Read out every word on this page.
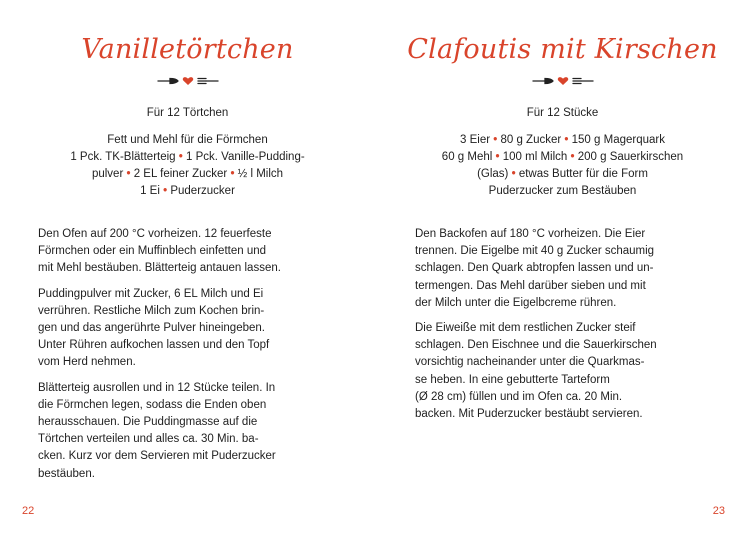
Vanilletörtchen
Für 12 Törtchen
Fett und Mehl für die Förmchen
1 Pck. TK-Blätterteig • 1 Pck. Vanille-Pudding-
pulver • 2 EL feiner Zucker • ½ l Milch
1 Ei • Puderzucker

Den Ofen auf 200 °C vorheizen. 12 feuerfeste
Förmchen oder ein Muffinblech einfetten und
mit Mehl bestäuben. Blätterteig antauen lassen.

Puddingpulver mit Zucker, 6 EL Milch und Ei
verrühren. Restliche Milch zum Kochen brin-
gen und das angerührte Pulver hineingeben.
Unter Rühren aufkochen lassen und den Topf
vom Herd nehmen.

Blätterteig ausrollen und in 12 Stücke teilen. In
die Förmchen legen, sodass die Enden oben
herausschauen. Die Puddingmasse auf die
Törtchen verteilen und alles ca. 30 Min. ba-
cken. Kurz vor dem Servieren mit Puderzucker
bestäuben.

22
Clafoutis mit Kirschen
Für 12 Stücke
3 Eier • 80 g Zucker • 150 g Magerquark
60 g Mehl • 100 ml Milch • 200 g Sauerkirschen
(Glas) • etwas Butter für die Form
Puderzucker zum Bestäuben

Den Backofen auf 180 °C vorheizen. Die Eier
trennen. Die Eigelbe mit 40 g Zucker schaumig
schlagen. Den Quark abtropfen lassen und un-
termengen. Das Mehl darüber sieben und mit
der Milch unter die Eigelbcreme rühren.

Die Eiweiße mit dem restlichen Zucker steif
schlagen. Den Eischnee und die Sauerkirschen
vorsichtig nacheinander unter die Quarkmas-
se heben. In eine gebutterte Tarteform
(Ø 28 cm) füllen und im Ofen ca. 20 Min.
backen. Mit Puderzucker bestäubt servieren.

23
